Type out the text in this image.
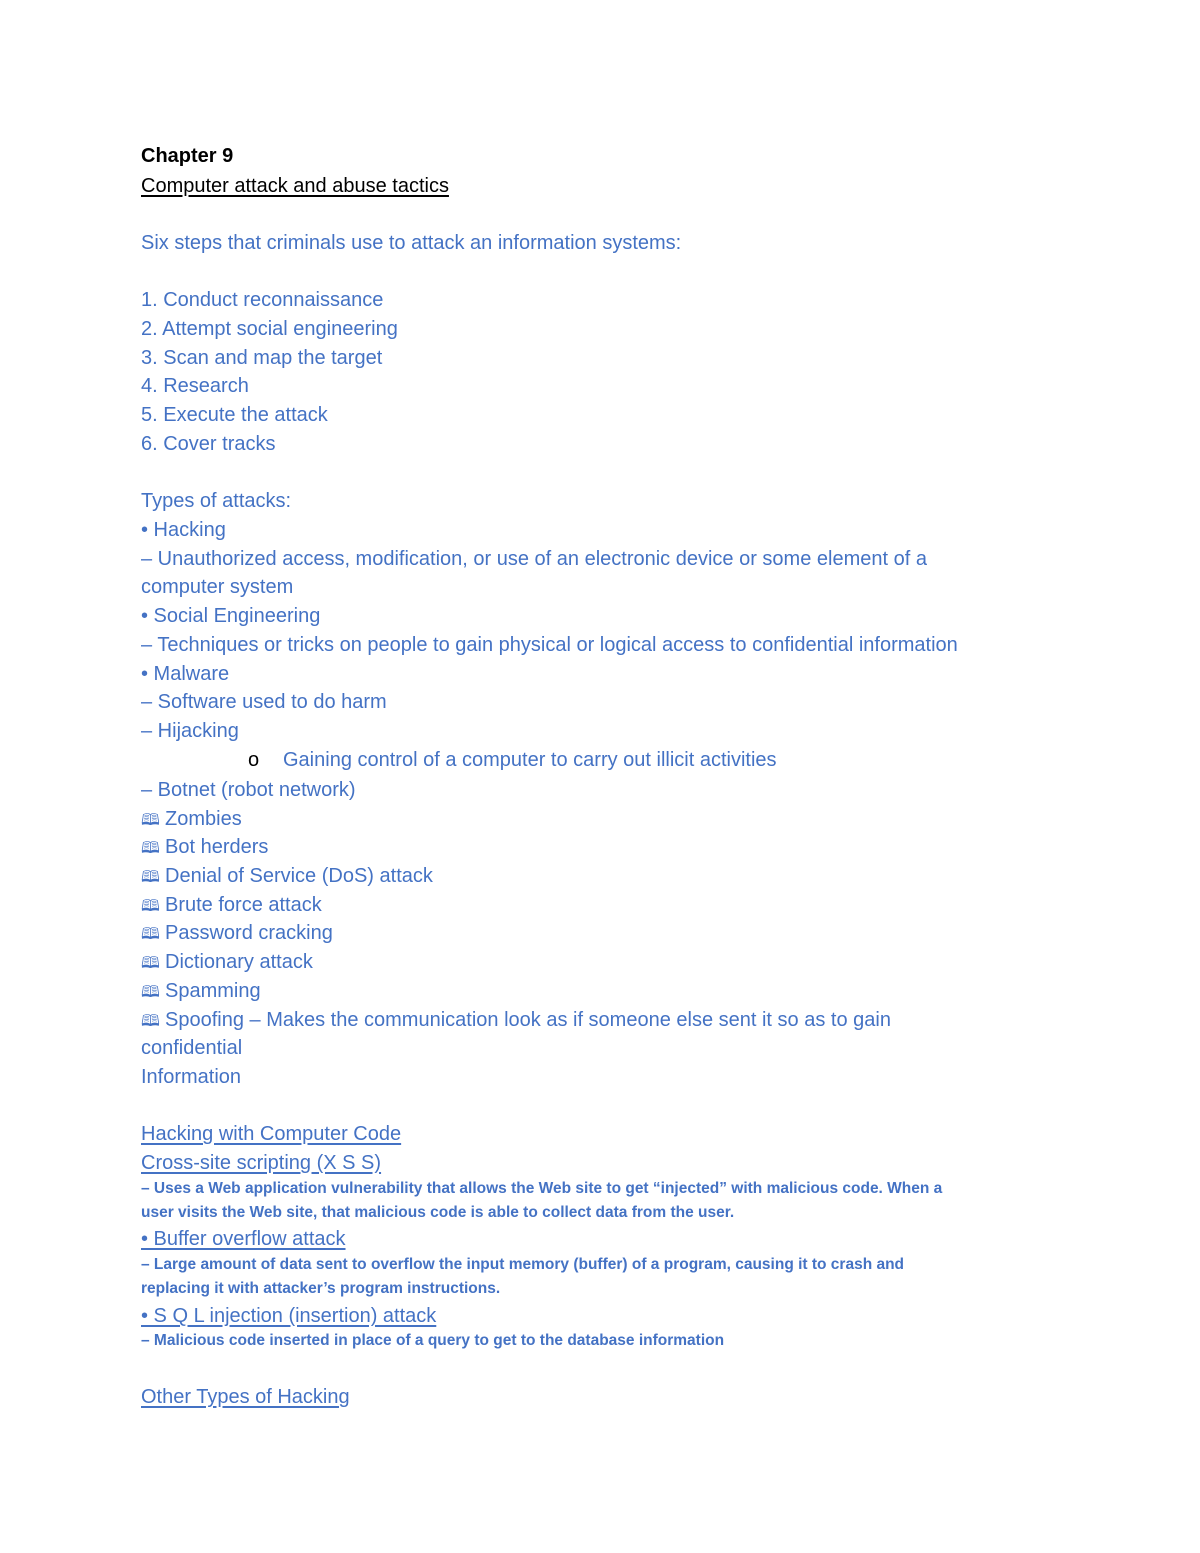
Chapter 9
Computer attack and abuse tactics
Six steps that criminals use to attack an information systems:
1. Conduct reconnaissance
2. Attempt social engineering
3. Scan and map the target
4. Research
5. Execute the attack
6. Cover tracks
Types of attacks:
• Hacking
– Unauthorized access, modification, or use of an electronic device or some element of a
computer system
• Social Engineering
– Techniques or tricks on people to gain physical or logical access to confidential information
• Malware
– Software used to do harm
– Hijacking
o Gaining control of a computer to carry out illicit activities
– Botnet (robot network)
🕮 Zombies
🕮 Bot herders
🕮 Denial of Service (DoS) attack
🕮 Brute force attack
🕮 Password cracking
🕮 Dictionary attack
🕮 Spamming
🕮 Spoofing – Makes the communication look as if someone else sent it so as to gain
confidential
Information
Hacking with Computer Code
Cross-site scripting (X S S)
– Uses a Web application vulnerability that allows the Web site to get “injected” with malicious code. When a
user visits the Web site, that malicious code is able to collect data from the user.
• Buffer overflow attack
– Large amount of data sent to overflow the input memory (buffer) of a program, causing it to crash and
replacing it with attacker’s program instructions.
• S Q L injection (insertion) attack
– Malicious code inserted in place of a query to get to the database information
Other Types of Hacking
